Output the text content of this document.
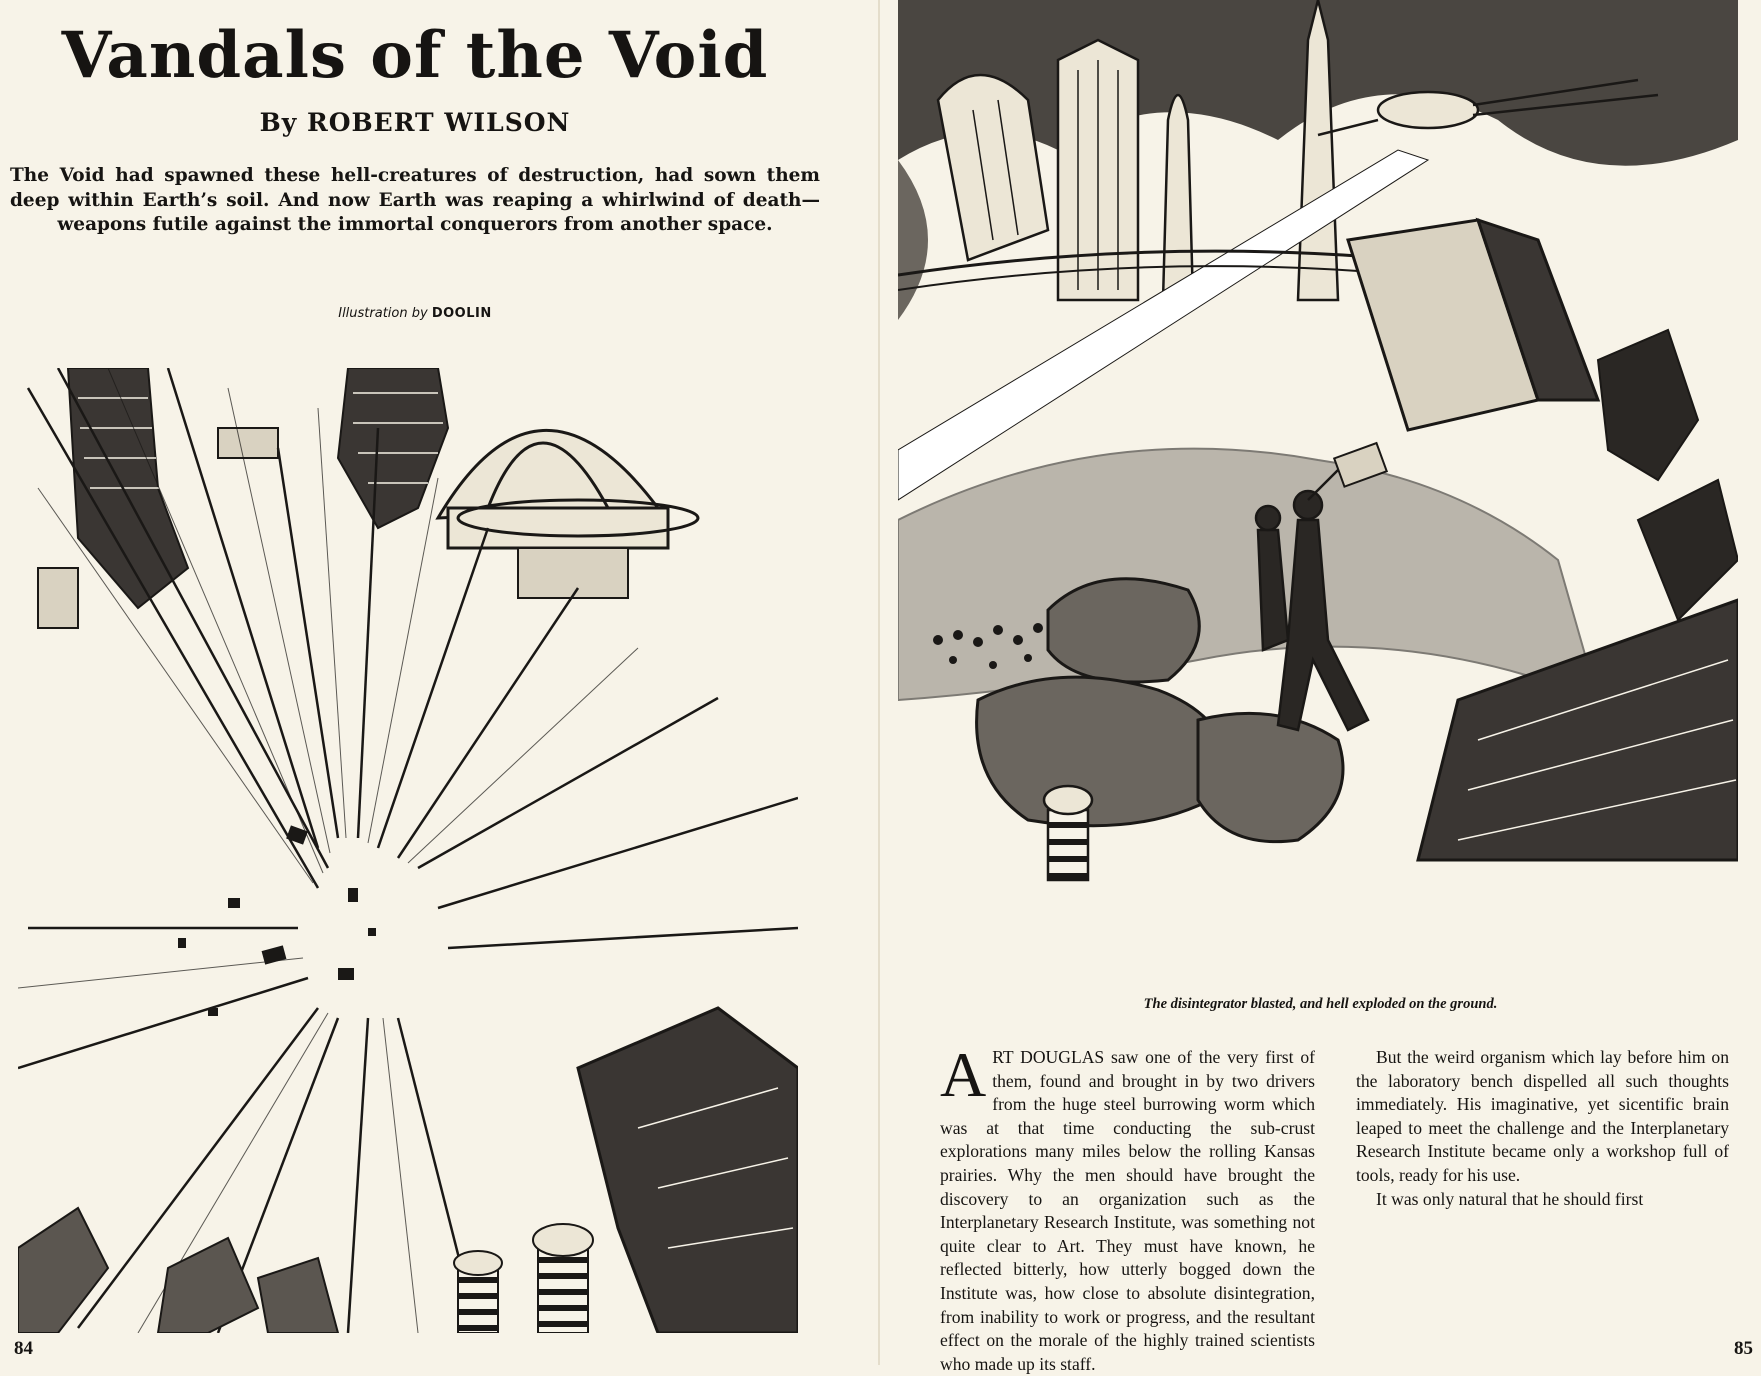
Vandals of the Void
By ROBERT WILSON
The Void had spawned these hell-creatures of destruction, had sown them deep within Earth’s soil. And now Earth was reaping a whirlwind of death—weapons futile against the immortal conquerors from another space.
Illustration by DOOLIN
84
The disintegrator blasted, and hell exploded on the ground.

ART DOUGLAS saw one of the very first of them, found and brought in by two drivers from the huge steel burrowing worm which was at that time conducting the sub-crust explorations many miles below the rolling Kansas prairies. Why the men should have brought the discovery to an organization such as the Interplanetary Research Institute, was something not quite clear to Art. They must have known, he reflected bitterly, how utterly bogged down the Institute was, how close to absolute disintegration, from inability to work or progress, and the resultant effect on the morale of the highly trained scientists who made up its staff.

But the weird organism which lay before him on the laboratory bench dispelled all such thoughts immediately. His imaginative, yet sicentific brain leaped to meet the challenge and the Interplanetary Research Institute became only a workshop full of tools, ready for his use.

It was only natural that he should first

85
